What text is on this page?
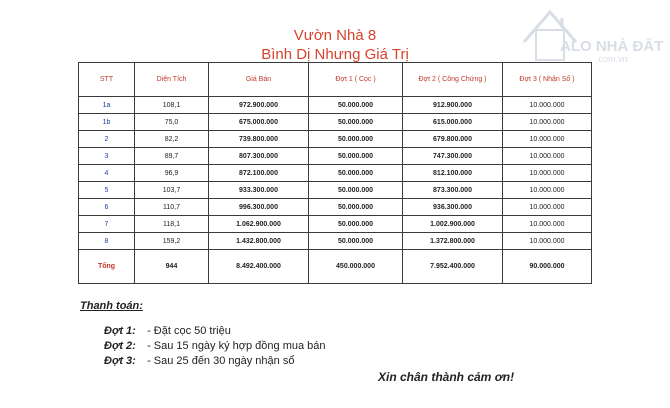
Vườn Nhà 8
Bình Dị Nhưng Giá Trị	ALO NHÀ ĐẤT
.com.vn
STT	Diện Tích	Giá Bán	Đợt 1 ( Cọc )	Đợt 2 ( Công Chứng )	Đợt 3 ( Nhận Sổ )
1a	108,1	972.900.000	50.000.000	912.900.000	10.000.000
1b	75,0	675.000.000	50.000.000	615.000.000	10.000.000
2	82,2	739.800.000	50.000.000	679.800.000	10.000.000
3	89,7	807.300.000	50.000.000	747.300.000	10.000.000
4	96,9	872.100.000	50.000.000	812.100.000	10.000.000
5	103,7	933.300.000	50.000.000	873.300.000	10.000.000
6	110,7	996.300.000	50.000.000	936.300.000	10.000.000
7	118,1	1.062.900.000	50.000.000	1.002.900.000	10.000.000
8	159,2	1.432.800.000	50.000.000	1.372.800.000	10.000.000
Tổng	944	8.492.400.000	450.000.000	7.952.400.000	90.000.000
Thanh toán:
Đợt 1: - Đặt cọc 50 triệu
Đợt 2: - Sau 15 ngày ký hợp đồng mua bán
Đợt 3: - Sau 25 đến 30 ngày nhận sổ
Xin chân thành cảm ơn!
